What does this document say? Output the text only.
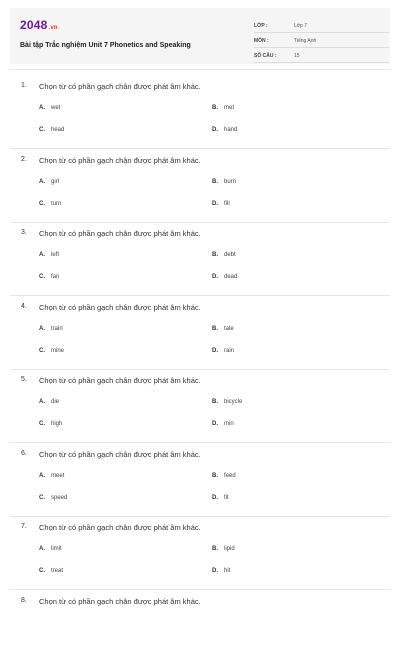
2048.vn
Bài tập Trắc nghiệm Unit 7 Phonetics and Speaking
LỚP :	Lớp 7
MÔN :	Tiếng Anh
SỐ CÂU :	15
1. Chọn từ có phần gạch chân được phát âm khác.
A. wet	B. met
C. head	D. hand
2. Chọn từ có phần gạch chân được phát âm khác.
A. girl	B. burn
C. turn	D. fill
3. Chọn từ có phần gạch chân được phát âm khác.
A. left	B. debt
C. fan	D. dead
4. Chọn từ có phần gạch chân được phát âm khác.
A. train	B. tale
C. mine	D. rain
5. Chọn từ có phần gạch chân được phát âm khác.
A. die	B. bicycle
C. high	D. min
6. Chọn từ có phần gạch chân được phát âm khác.
A. meet	B. feed
C. speed	D. fit
7. Chọn từ có phần gạch chân được phát âm khác.
A. limit	B. lipid
C. treat	D. hit
8. Chọn từ có phần gạch chân được phát âm khác.
